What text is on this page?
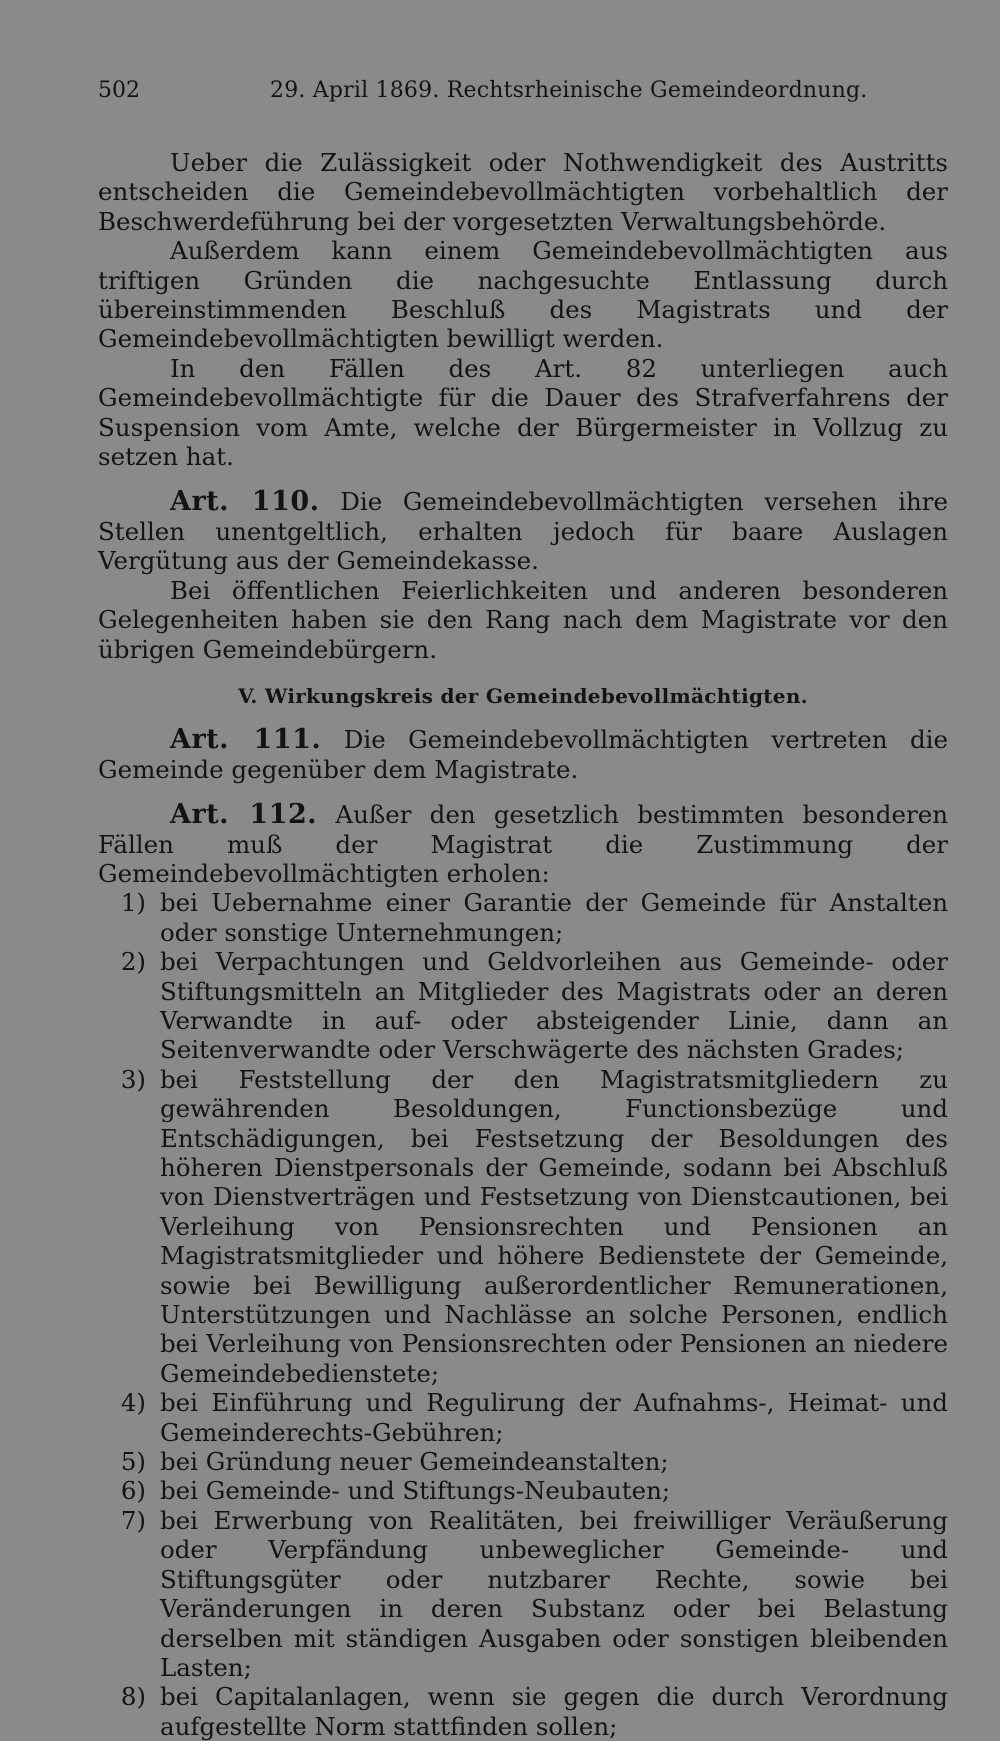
502	29. April 1869. Rechtsrheinische Gemeindeordnung.

Ueber die Zulässigkeit oder Nothwendigkeit des Austritts entscheiden die Gemeindebevollmächtigten vorbehaltlich der Beschwerdeführung bei der vorgesetzten Verwaltungsbehörde.

Außerdem kann einem Gemeindebevollmächtigten aus triftigen Gründen die nachgesuchte Entlassung durch übereinstimmenden Beschluß des Magistrats und der Gemeindebevollmächtigten bewilligt werden.

In den Fällen des Art. 82 unterliegen auch Gemeindebevollmächtigte für die Dauer des Strafverfahrens der Suspension vom Amte, welche der Bürgermeister in Vollzug zu setzen hat.

Art. 110. Die Gemeindebevollmächtigten versehen ihre Stellen unentgeltlich, erhalten jedoch für baare Auslagen Vergütung aus der Gemeindekasse.

Bei öffentlichen Feierlichkeiten und anderen besonderen Gelegenheiten haben sie den Rang nach dem Magistrate vor den übrigen Gemeindebürgern.

V. Wirkungskreis der Gemeindebevollmächtigten.

Art. 111. Die Gemeindebevollmächtigten vertreten die Gemeinde gegenüber dem Magistrate.

Art. 112. Außer den gesetzlich bestimmten besonderen Fällen muß der Magistrat die Zustimmung der Gemeindebevollmächtigten erholen:

1) bei Uebernahme einer Garantie der Gemeinde für Anstalten oder sonstige Unternehmungen;
2) bei Verpachtungen und Geldvorleihen aus Gemeinde- oder Stiftungsmitteln an Mitglieder des Magistrats oder an deren Verwandte in auf- oder absteigender Linie, dann an Seitenverwandte oder Verschwägerte des nächsten Grades;
3) bei Feststellung der den Magistratsmitgliedern zu gewährenden Besoldungen, Functionsbezüge und Entschädigungen, bei Festsetzung der Besoldungen des höheren Dienstpersonals der Gemeinde, sodann bei Abschluß von Dienstverträgen und Festsetzung von Dienstcautionen, bei Verleihung von Pensionsrechten und Pensionen an Magistratsmitglieder und höhere Bedienstete der Gemeinde, sowie bei Bewilligung außerordentlicher Remunerationen, Unterstützungen und Nachlässe an solche Personen, endlich bei Verleihung von Pensionsrechten oder Pensionen an niedere Gemeindebedienstete;
4) bei Einführung und Regulirung der Aufnahms-, Heimat- und Gemeinderechts-Gebühren;
5) bei Gründung neuer Gemeindeanstalten;
6) bei Gemeinde- und Stiftungs-Neubauten;
7) bei Erwerbung von Realitäten, bei freiwilliger Veräußerung oder Verpfändung unbeweglicher Gemeinde- und Stiftungsgüter oder nutzbarer Rechte, sowie bei Veränderungen in deren Substanz oder bei Belastung derselben mit ständigen Ausgaben oder sonstigen bleibenden Lasten;
8) bei Capitalanlagen, wenn sie gegen die durch Verordnung aufgestellte Norm stattfinden sollen;
